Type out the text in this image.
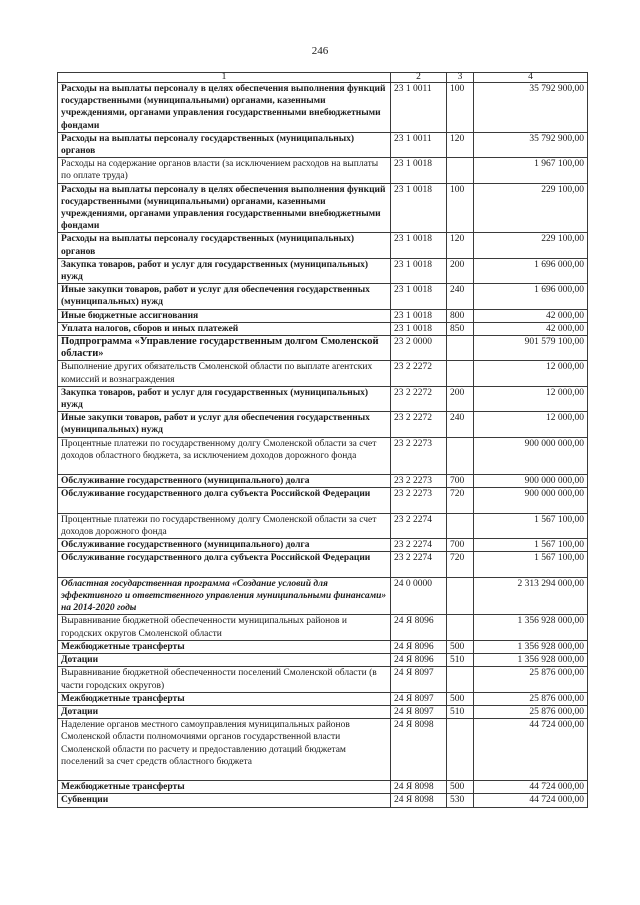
246
1	2	3	4
Расходы на выплаты персоналу в целях обеспечения выполнения функций государственными (муниципальными) органами, казенными учреждениями, органами управления государственными внебюджетными фондами	23 1 0011	100	35 792 900,00
Расходы на выплаты персоналу государственных (муниципальных) органов	23 1 0011	120	35 792 900,00
Расходы на содержание органов власти (за исключением расходов на выплаты по оплате труда)	23 1 0018		1 967 100,00
Расходы на выплаты персоналу в целях обеспечения выполнения функций государственными (муниципальными) органами, казенными учреждениями, органами управления государственными внебюджетными фондами	23 1 0018	100	229 100,00
Расходы на выплаты персоналу государственных (муниципальных) органов	23 1 0018	120	229 100,00
Закупка товаров, работ и услуг для государственных (муниципальных) нужд	23 1 0018	200	1 696 000,00
Иные закупки товаров, работ и услуг для обеспечения государственных (муниципальных) нужд	23 1 0018	240	1 696 000,00
Иные бюджетные ассигнования	23 1 0018	800	42 000,00
Уплата налогов, сборов и иных платежей	23 1 0018	850	42 000,00
Подпрограмма «Управление государственным долгом Смоленской области»	23 2 0000		901 579 100,00
Выполнение других обязательств Смоленской области по выплате агентских комиссий и вознаграждения	23 2 2272		12 000,00
Закупка товаров, работ и услуг для государственных (муниципальных) нужд	23 2 2272	200	12 000,00
Иные закупки товаров, работ и услуг для обеспечения государственных (муниципальных) нужд	23 2 2272	240	12 000,00
Процентные платежи по государственному долгу Смоленской области за счет доходов областного бюджета, за исключением доходов дорожного фонда	23 2 2273		900 000 000,00
Обслуживание государственного (муниципального) долга	23 2 2273	700	900 000 000,00
Обслуживание государственного долга субъекта Российской Федерации	23 2 2273	720	900 000 000,00
Процентные платежи по государственному долгу Смоленской области за счет доходов дорожного фонда	23 2 2274		1 567 100,00
Обслуживание государственного (муниципального) долга	23 2 2274	700	1 567 100,00
Обслуживание государственного долга субъекта Российской Федерации	23 2 2274	720	1 567 100,00
Областная государственная программа «Создание условий для эффективного и ответственного управления муниципальными финансами» на 2014-2020 годы	24 0 0000		2 313 294 000,00
Выравнивание бюджетной обеспеченности муниципальных районов и городских округов Смоленской области	24 Я 8096		1 356 928 000,00
Межбюджетные трансферты	24 Я 8096	500	1 356 928 000,00
Дотации	24 Я 8096	510	1 356 928 000,00
Выравнивание бюджетной обеспеченности поселений Смоленской области (в части городских округов)	24 Я 8097		25 876 000,00
Межбюджетные трансферты	24 Я 8097	500	25 876 000,00
Дотации	24 Я 8097	510	25 876 000,00
Наделение органов местного самоуправления муниципальных районов Смоленской области полномочиями органов государственной власти Смоленской области по расчету и предоставлению дотаций бюджетам поселений за счет средств областного бюджета	24 Я 8098		44 724 000,00
Межбюджетные трансферты	24 Я 8098	500	44 724 000,00
Субвенции	24 Я 8098	530	44 724 000,00
